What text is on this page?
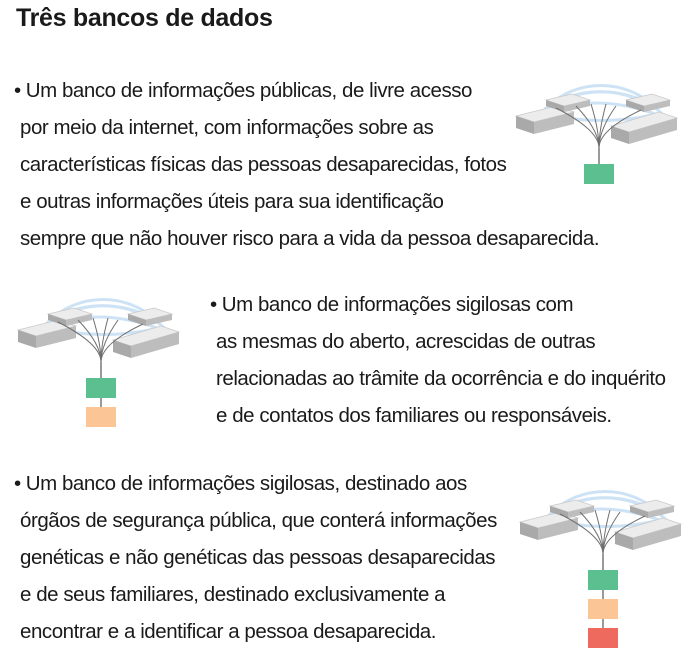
Três bancos de dados

• Um banco de informações públicas, de livre acesso

por meio da internet, com informações sobre as

características físicas das pessoas desaparecidas, fotos

e outras informações úteis para sua identificação

sempre que não houver risco para a vida da pessoa desaparecida.

• Um banco de informações sigilosas com

as mesmas do aberto, acrescidas de outras

relacionadas ao trâmite da ocorrência e do inquérito

e de contatos dos familiares ou responsáveis.

• Um banco de informações sigilosas, destinado aos

órgãos de segurança pública, que conterá informações

genéticas e não genéticas das pessoas desaparecidas

e de seus familiares, destinado exclusivamente a

encontrar e a identificar a pessoa desaparecida.
